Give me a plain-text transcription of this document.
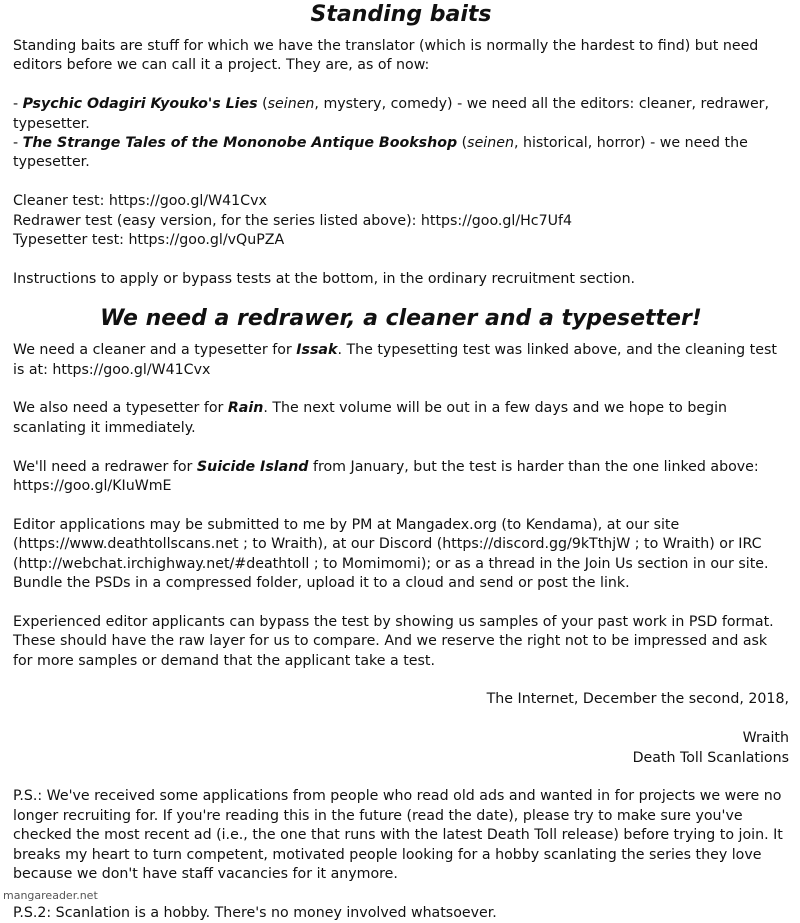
Standing baits

Standing baits are stuff for which we have the translator (which is normally the hardest to find) but need editors before we can call it a project. They are, as of now:

- Psychic Odagiri Kyouko's Lies (seinen, mystery, comedy) - we need all the editors: cleaner, redrawer, typesetter.

- The Strange Tales of the Mononobe Antique Bookshop (seinen, historical, horror) - we need the typesetter.

Cleaner test: https://goo.gl/W41Cvx

Redrawer test (easy version, for the series listed above): https://goo.gl/Hc7Uf4

Typesetter test: https://goo.gl/vQuPZA

Instructions to apply or bypass tests at the bottom, in the ordinary recruitment section.

We need a redrawer, a cleaner and a typesetter!

We need a cleaner and a typesetter for Issak. The typesetting test was linked above, and the cleaning test is at: https://goo.gl/W41Cvx

We also need a typesetter for Rain. The next volume will be out in a few days and we hope to begin scanlating it immediately.

We'll need a redrawer for Suicide Island from January, but the test is harder than the one linked above: https://goo.gl/KIuWmE

Editor applications may be submitted to me by PM at Mangadex.org (to Kendama), at our site (https://www.deathtollscans.net ; to Wraith), at our Discord (https://discord.gg/9kTthjW ; to Wraith) or IRC (http://webchat.irchighway.net/#deathtoll ; to Momimomi); or as a thread in the Join Us section in our site. Bundle the PSDs in a compressed folder, upload it to a cloud and send or post the link.

Experienced editor applicants can bypass the test by showing us samples of your past work in PSD format. These should have the raw layer for us to compare. And we reserve the right not to be impressed and ask for more samples or demand that the applicant take a test.

The Internet, December the second, 2018,

Wraith

Death Toll Scanlations

P.S.: We've received some applications from people who read old ads and wanted in for projects we were no longer recruiting for. If you're reading this in the future (read the date), please try to make sure you've checked the most recent ad (i.e., the one that runs with the latest Death Toll release) before trying to join. It breaks my heart to turn competent, motivated people looking for a hobby scanlating the series they love because we don't have staff vacancies for it anymore.

P.S.2: Scanlation is a hobby. There's no money involved whatsoever.

mangareader.net
